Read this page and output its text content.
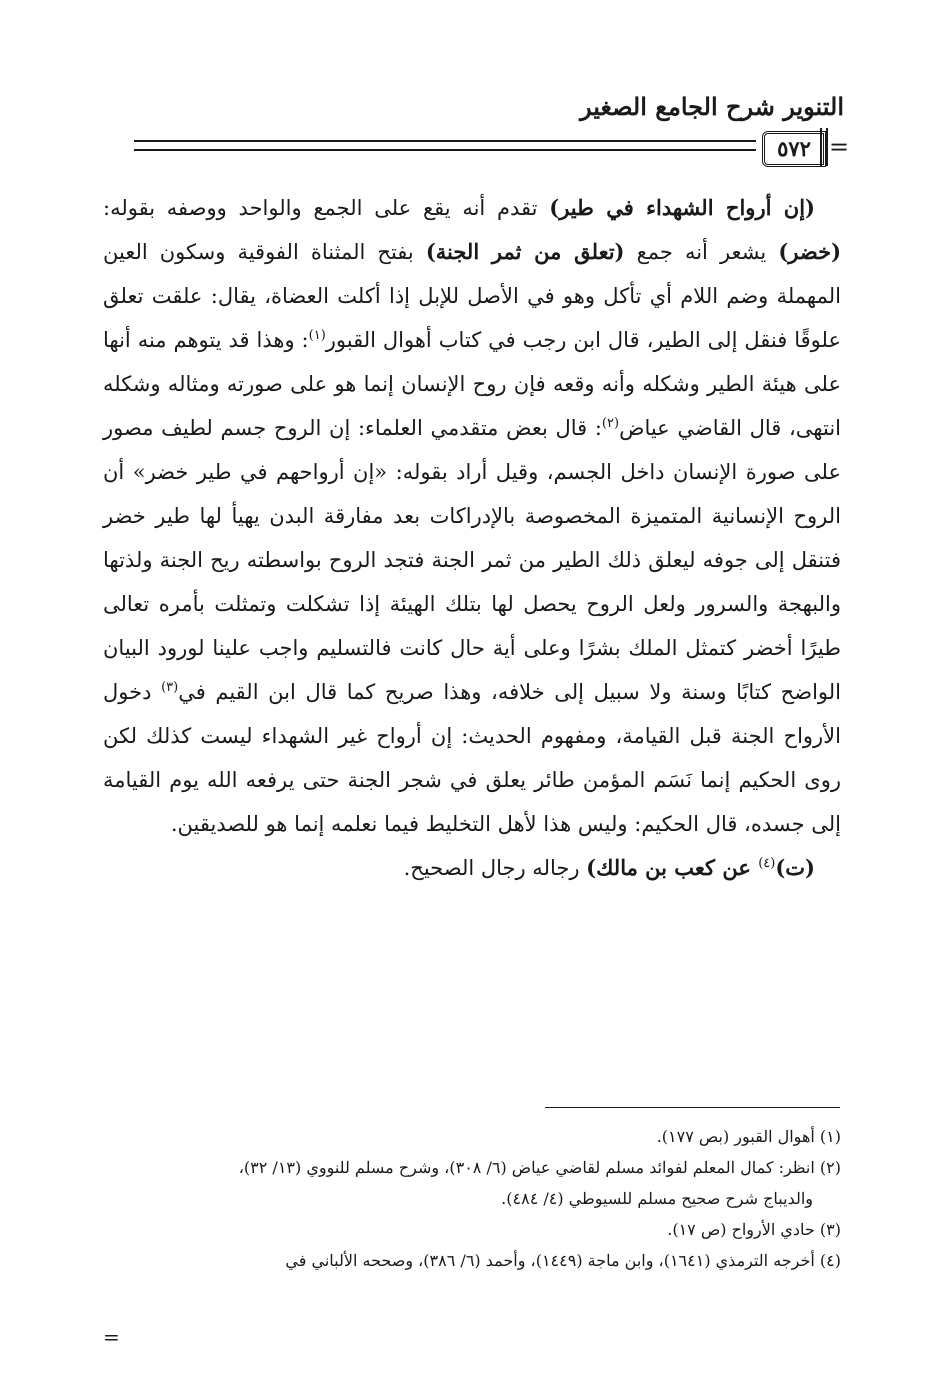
التنوير شرح الجامع الصغير
٥٧٢ =

(إن أرواح الشهداء في طير) تقدم أنه يقع على الجمع والواحد ووصفه بقوله: (خضر) يشعر أنه جمع (تعلق من ثمر الجنة) بفتح المثناة الفوقية وسكون العين المهملة وضم اللام أي تأكل وهو في الأصل للإبل إذا أكلت العضاة، يقال: علقت تعلق علوقًا فنقل إلى الطير، قال ابن رجب في كتاب أهوال القبور$^{(١)}$: وهذا قد يتوهم منه أنها على هيئة الطير وشكله وأنه وقعه فإن روح الإنسان إنما هو على صورته ومثاله وشكله انتهى، قال القاضي عياض$^{(٢)}$: قال بعض متقدمي العلماء: إن الروح جسم لطيف مصور على صورة الإنسان داخل الجسم، وقيل أراد بقوله: «إن أرواحهم في طير خضر» أن الروح الإنسانية المتميزة المخصوصة بالإدراكات بعد مفارقة البدن يهيأ لها طير خضر فتنقل إلى جوفه ليعلق ذلك الطير من ثمر الجنة فتجد الروح بواسطته ريح الجنة ولذتها والبهجة والسرور ولعل الروح يحصل لها بتلك الهيئة إذا تشكلت وتمثلت بأمره تعالى طيرًا أخضر كتمثل الملك بشرًا وعلى أية حال كانت فالتسليم واجب علينا لورود البيان الواضح كتابًا وسنة ولا سبيل إلى خلافه، وهذا صريح كما قال ابن القيم في$^{(٣)}$ دخول الأرواح الجنة قبل القيامة، ومفهوم الحديث: إن أرواح غير الشهداء ليست كذلك لكن روى الحكيم إنما نَسَم المؤمن طائر يعلق في شجر الجنة حتى يرفعه الله يوم القيامة إلى جسده، قال الحكيم: وليس هذا لأهل التخليط فيما نعلمه إنما هو للصديقين.

(ت)$^{(٤)}$ عن كعب بن مالك) رجاله رجال الصحيح.

(١) أهوال القبور (بص ١٧٧).

(٢) انظر: كمال المعلم لفوائد مسلم لقاضي عياض (٦/ ٣٠٨)، وشرح مسلم للنووي (١٣/ ٣٢)،

والديباج شرح صحيح مسلم للسيوطي (٤/ ٤٨٤).

(٣) حادي الأرواح (ص ١٧).

(٤) أخرجه الترمذي (١٦٤١)، وابن ماجة (١٤٤٩)، وأحمد (٦/ ٣٨٦)، وصححه الألباني في

=
